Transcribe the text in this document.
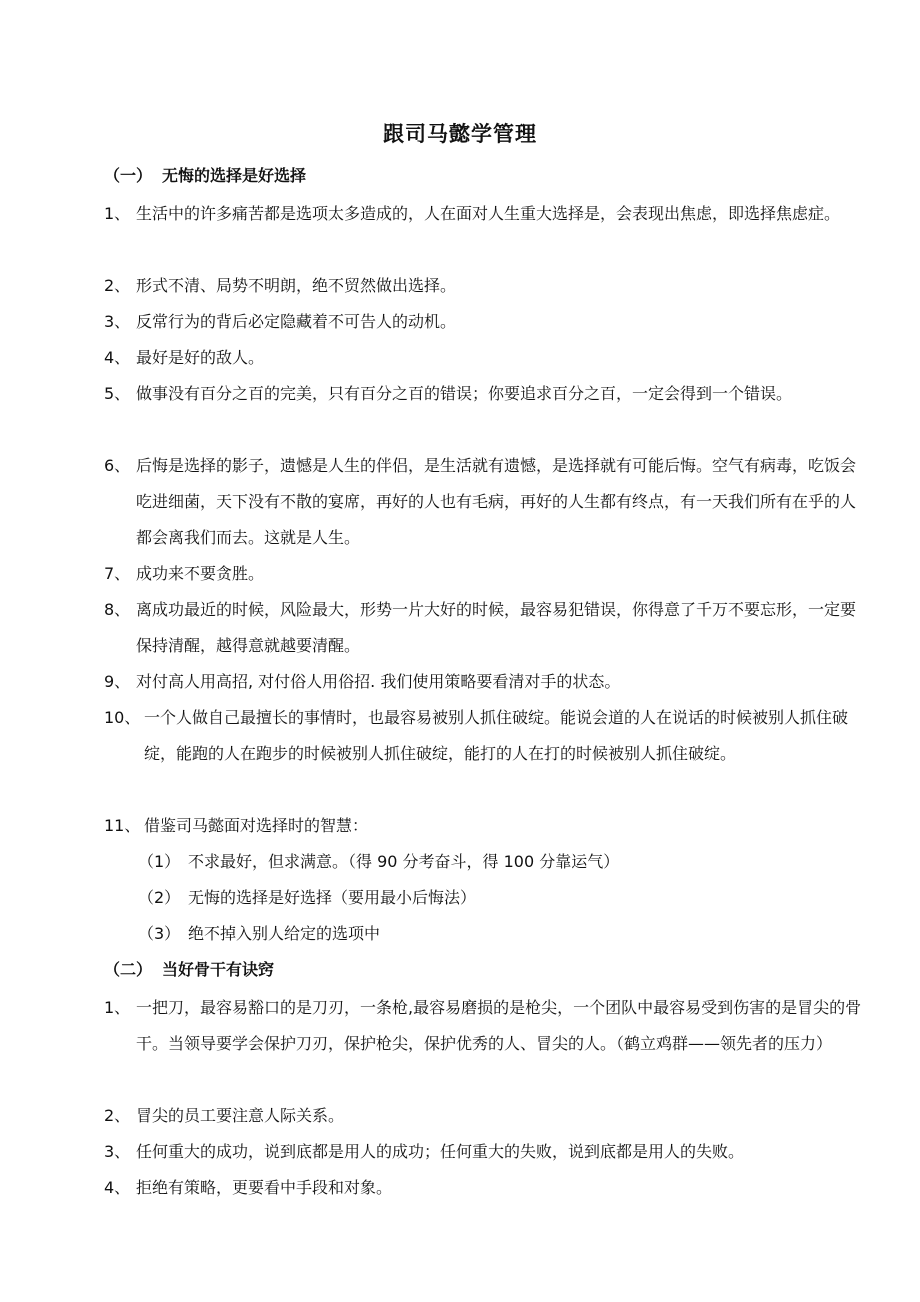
跟司马懿学管理
（一） 无悔的选择是好选择
1、 生活中的许多痛苦都是选项太多造成的，人在面对人生重大选择是，会表现出焦虑，即选择焦虑症。
2、 形式不清、局势不明朗，绝不贸然做出选择。
3、 反常行为的背后必定隐藏着不可告人的动机。
4、 最好是好的敌人。
5、 做事没有百分之百的完美，只有百分之百的错误；你要追求百分之百，一定会得到一个错误。
6、 后悔是选择的影子，遗憾是人生的伴侣，是生活就有遗憾，是选择就有可能后悔。空气有病毒，吃饭会吃进细菌，天下没有不散的宴席，再好的人也有毛病，再好的人生都有终点，有一天我们所有在乎的人都会离我们而去。这就是人生。
7、 成功来不要贪胜。
8、 离成功最近的时候，风险最大，形势一片大好的时候，最容易犯错误，你得意了千万不要忘形，一定要保持清醒，越得意就越要清醒。
9、 对付高人用高招, 对付俗人用俗招. 我们使用策略要看清对手的状态。
10、 一个人做自己最擅长的事情时，也最容易被别人抓住破绽。能说会道的人在说话的时候被别人抓住破绽，能跑的人在跑步的时候被别人抓住破绽，能打的人在打的时候被别人抓住破绽。
11、 借鉴司马懿面对选择时的智慧：
（1） 不求最好，但求满意。（得 90 分考奋斗，得 100 分靠运气）
（2） 无悔的选择是好选择（要用最小后悔法）
（3） 绝不掉入别人给定的选项中
（二） 当好骨干有诀窍
1、 一把刀，最容易豁口的是刀刃，一条枪,最容易磨损的是枪尖，一个团队中最容易受到伤害的是冒尖的骨干。当领导要学会保护刀刃，保护枪尖，保护优秀的人、冒尖的人。（鹤立鸡群——领先者的压力）
2、 冒尖的员工要注意人际关系。
3、 任何重大的成功，说到底都是用人的成功；任何重大的失败，说到底都是用人的失败。
4、 拒绝有策略，更要看中手段和对象。
